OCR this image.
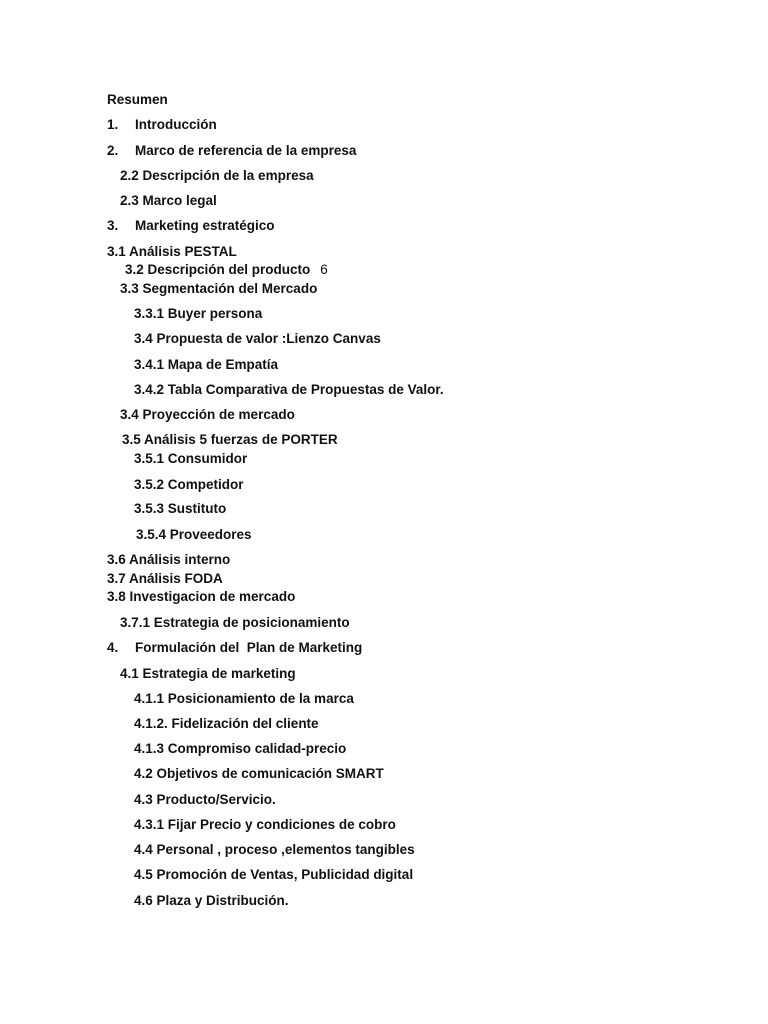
Resumen
1. Introducción
2. Marco de referencia de la empresa
2.2 Descripción de la empresa
2.3 Marco legal
3. Marketing estratégico
3.1 Análisis PESTAL
3.2 Descripción del producto 6
3.3 Segmentación del Mercado
3.3.1 Buyer persona
3.4 Propuesta de valor :Lienzo Canvas
3.4.1 Mapa de Empatía
3.4.2 Tabla Comparativa de Propuestas de Valor.
3.4 Proyección de mercado
3.5 Análisis 5 fuerzas de PORTER
3.5.1 Consumidor
3.5.2 Competidor
3.5.3 Sustituto
3.5.4 Proveedores
3.6 Análisis interno
3.7 Análisis FODA
3.8 Investigacion de mercado
3.7.1 Estrategia de posicionamiento
4. Formulación del  Plan de Marketing
4.1 Estrategia de marketing
4.1.1 Posicionamiento de la marca
4.1.2. Fidelización del cliente
4.1.3 Compromiso calidad-precio
4.2 Objetivos de comunicación SMART
4.3 Producto/Servicio.
4.3.1 Fijar Precio y condiciones de cobro
4.4 Personal , proceso ,elementos tangibles
4.5 Promoción de Ventas, Publicidad digital
4.6 Plaza y Distribución.
